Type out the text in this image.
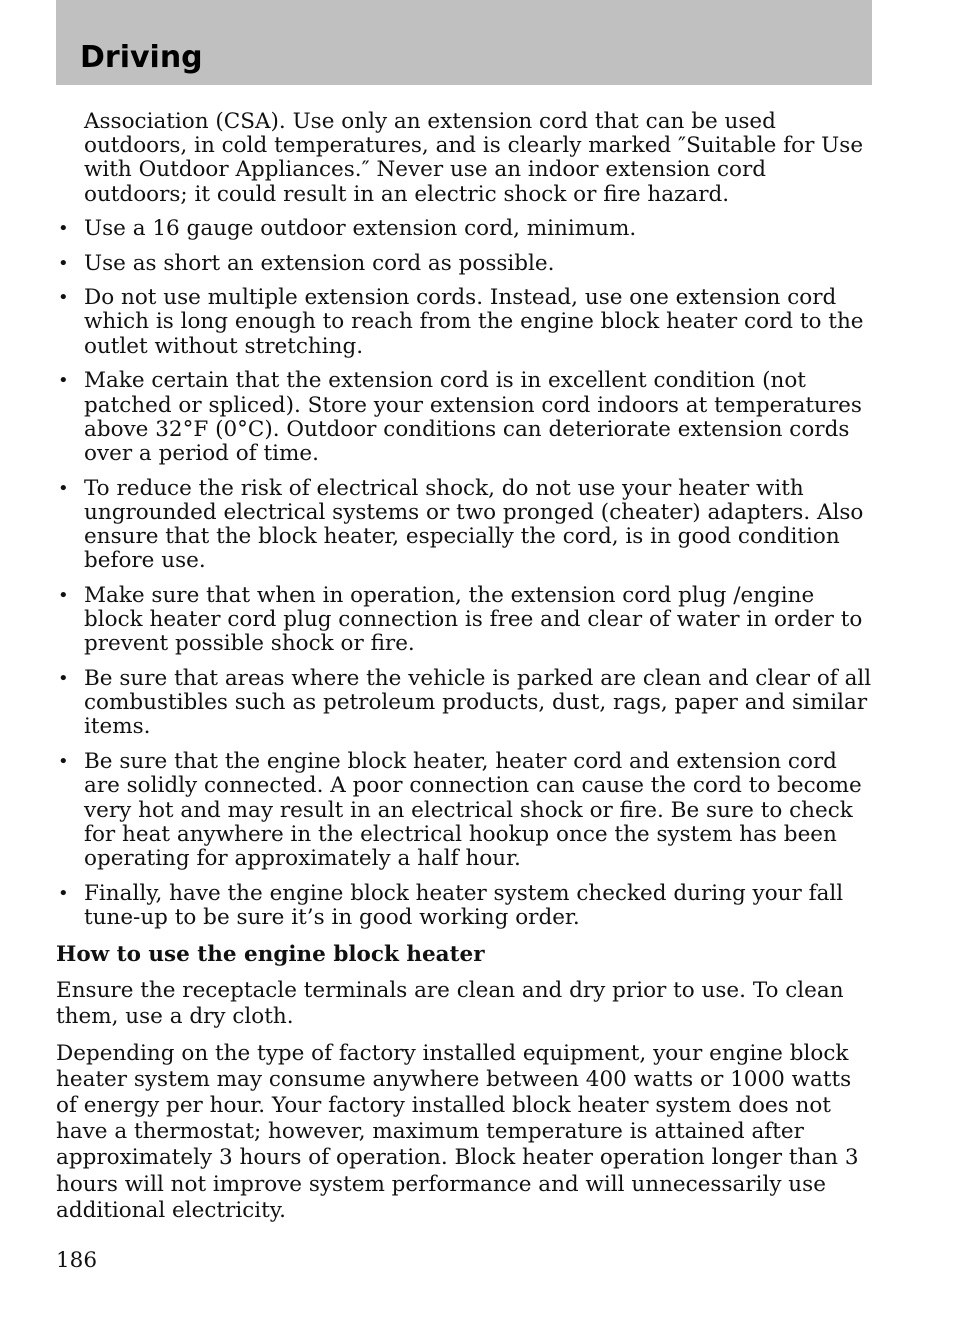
Driving

Association (CSA). Use only an extension cord that can be used outdoors, in cold temperatures, and is clearly marked ″Suitable for Use with Outdoor Appliances.″ Never use an indoor extension cord outdoors; it could result in an electric shock or fire hazard.

• Use a 16 gauge outdoor extension cord, minimum.
• Use as short an extension cord as possible.
• Do not use multiple extension cords. Instead, use one extension cord which is long enough to reach from the engine block heater cord to the outlet without stretching.
• Make certain that the extension cord is in excellent condition (not patched or spliced). Store your extension cord indoors at temperatures above 32°F (0°C). Outdoor conditions can deteriorate extension cords over a period of time.
• To reduce the risk of electrical shock, do not use your heater with ungrounded electrical systems or two pronged (cheater) adapters. Also ensure that the block heater, especially the cord, is in good condition before use.
• Make sure that when in operation, the extension cord plug /engine block heater cord plug connection is free and clear of water in order to prevent possible shock or fire.
• Be sure that areas where the vehicle is parked are clean and clear of all combustibles such as petroleum products, dust, rags, paper and similar items.
• Be sure that the engine block heater, heater cord and extension cord are solidly connected. A poor connection can cause the cord to become very hot and may result in an electrical shock or fire. Be sure to check for heat anywhere in the electrical hookup once the system has been operating for approximately a half hour.
• Finally, have the engine block heater system checked during your fall tune-up to be sure it’s in good working order.
How to use the engine block heater

Ensure the receptacle terminals are clean and dry prior to use. To clean them, use a dry cloth.

Depending on the type of factory installed equipment, your engine block heater system may consume anywhere between 400 watts or 1000 watts of energy per hour. Your factory installed block heater system does not have a thermostat; however, maximum temperature is attained after approximately 3 hours of operation. Block heater operation longer than 3 hours will not improve system performance and will unnecessarily use additional electricity.

186
